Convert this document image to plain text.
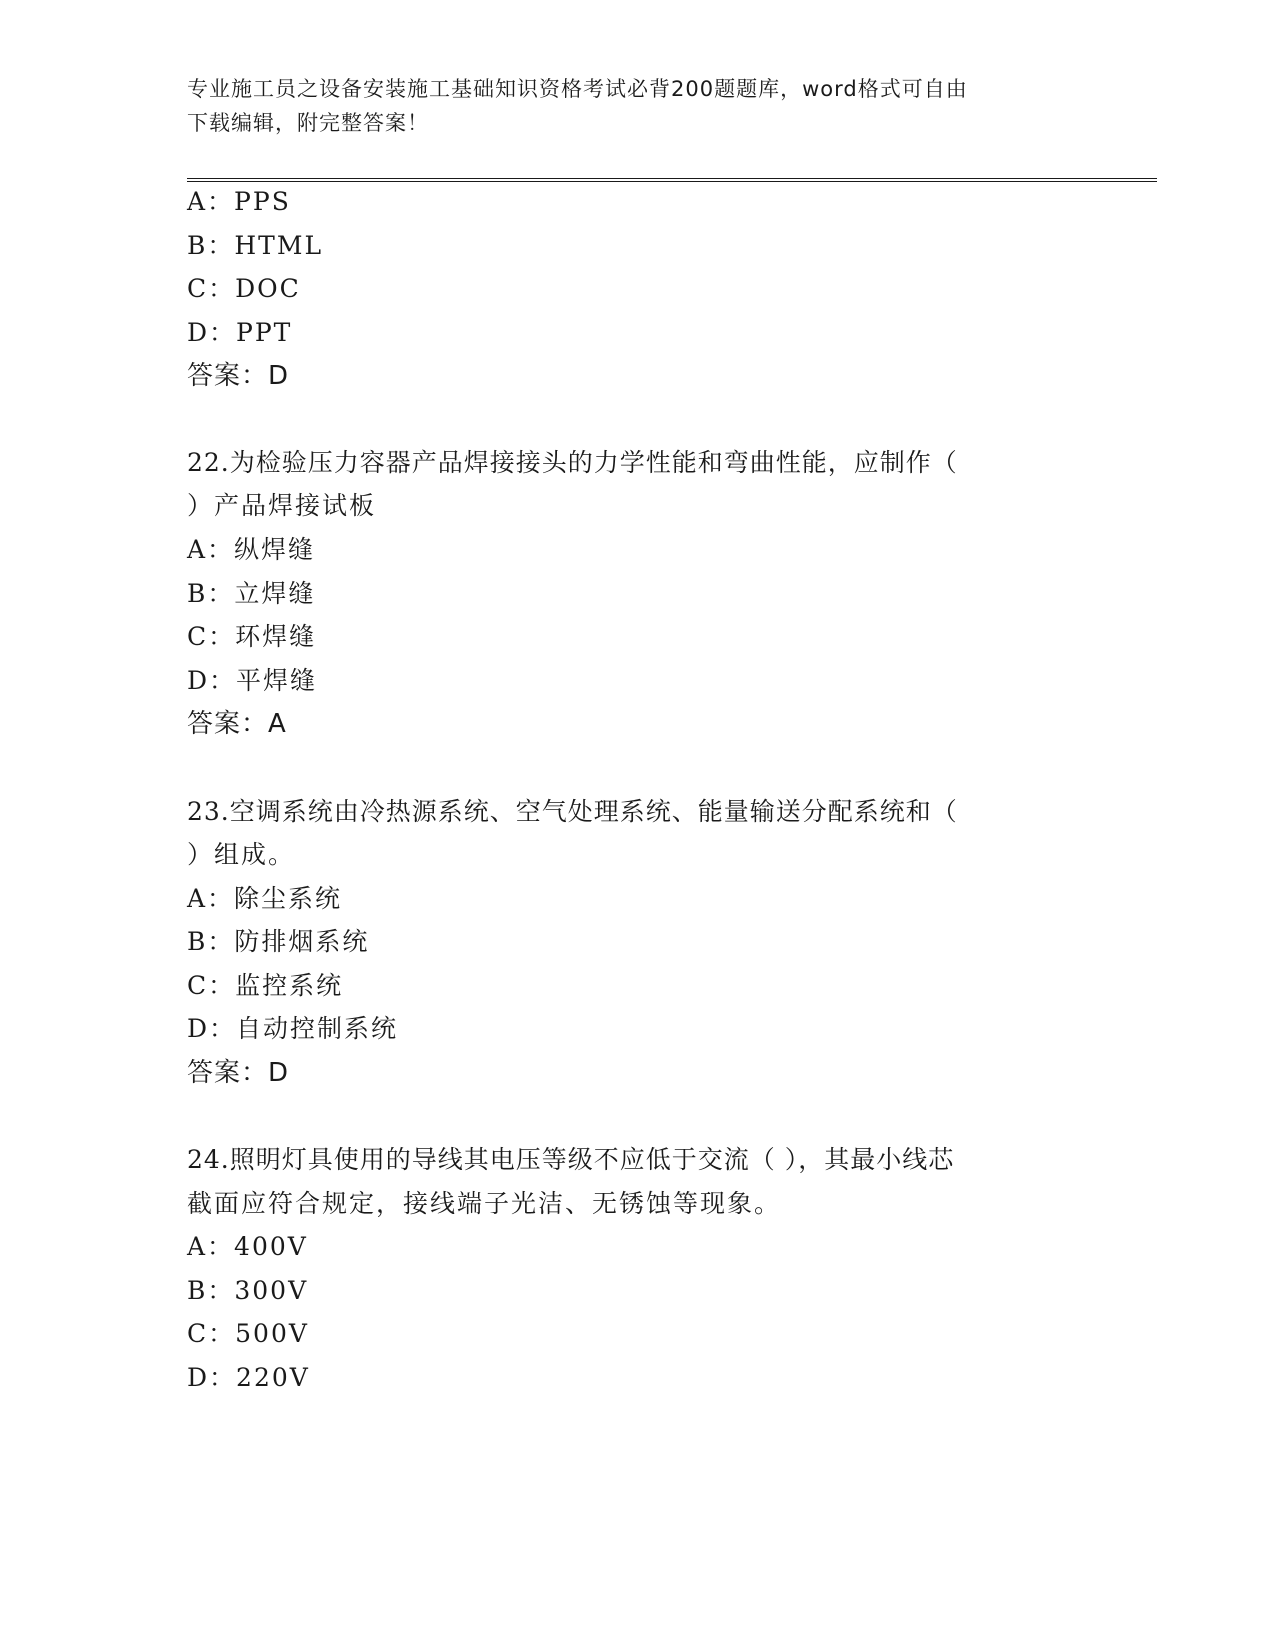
专业施工员之设备安装施工基础知识资格考试必背200题题库，word格式可自由
下载编辑，附完整答案！
A：PPS
B：HTML
C：DOC
D：PPT
答案：D
22.为检验压力容器产品焊接接头的力学性能和弯曲性能，应制作（
）产品焊接试板
A：纵焊缝
B：立焊缝
C：环焊缝
D：平焊缝
答案：A
23.空调系统由冷热源系统、空气处理系统、能量输送分配系统和（
）组成。
A：除尘系统
B：防排烟系统
C：监控系统
D：自动控制系统
答案：D
24.照明灯具使用的导线其电压等级不应低于交流（ ），其最小线芯
截面应符合规定，接线端子光洁、无锈蚀等现象。
A：400V
B：300V
C：500V
D：220V
